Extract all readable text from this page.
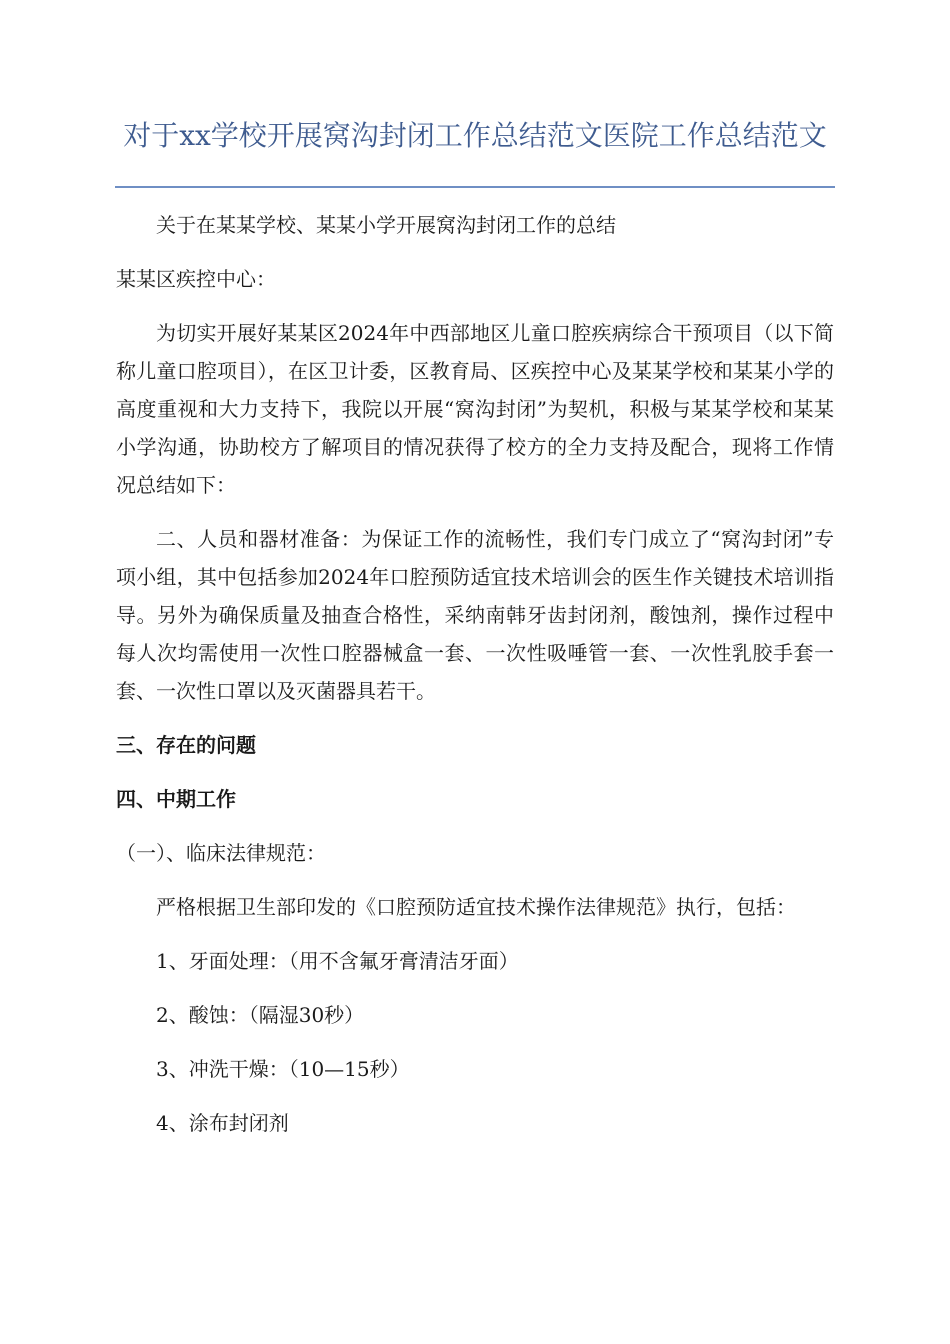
对于xx学校开展窝沟封闭工作总结范文医院工作总结范文

关于在某某学校、某某小学开展窝沟封闭工作的总结

某某区疾控中心：

为切实开展好某某区2024年中西部地区儿童口腔疾病综合干预项目（以下简称儿童口腔项目），在区卫计委，区教育局、区疾控中心及某某学校和某某小学的高度重视和大力支持下，我院以开展“窝沟封闭”为契机，积极与某某学校和某某小学沟通，协助校方了解项目的情况获得了校方的全力支持及配合，现将工作情况总结如下：

二、人员和器材准备：为保证工作的流畅性，我们专门成立了“窝沟封闭”专项小组，其中包括参加2024年口腔预防适宜技术培训会的医生作关键技术培训指导。另外为确保质量及抽查合格性，采纳南韩牙齿封闭剂，酸蚀剂，操作过程中每人次均需使用一次性口腔器械盒一套、一次性吸唾管一套、一次性乳胶手套一套、一次性口罩以及灭菌器具若干。

三、存在的问题

四、中期工作

（一）、临床法律规范：

严格根据卫生部印发的《口腔预防适宜技术操作法律规范》执行，包括：

1、牙面处理：（用不含氟牙膏清洁牙面）

2、酸蚀：（隔湿30秒）

3、冲洗干燥：（10—15秒）

4、涂布封闭剂
